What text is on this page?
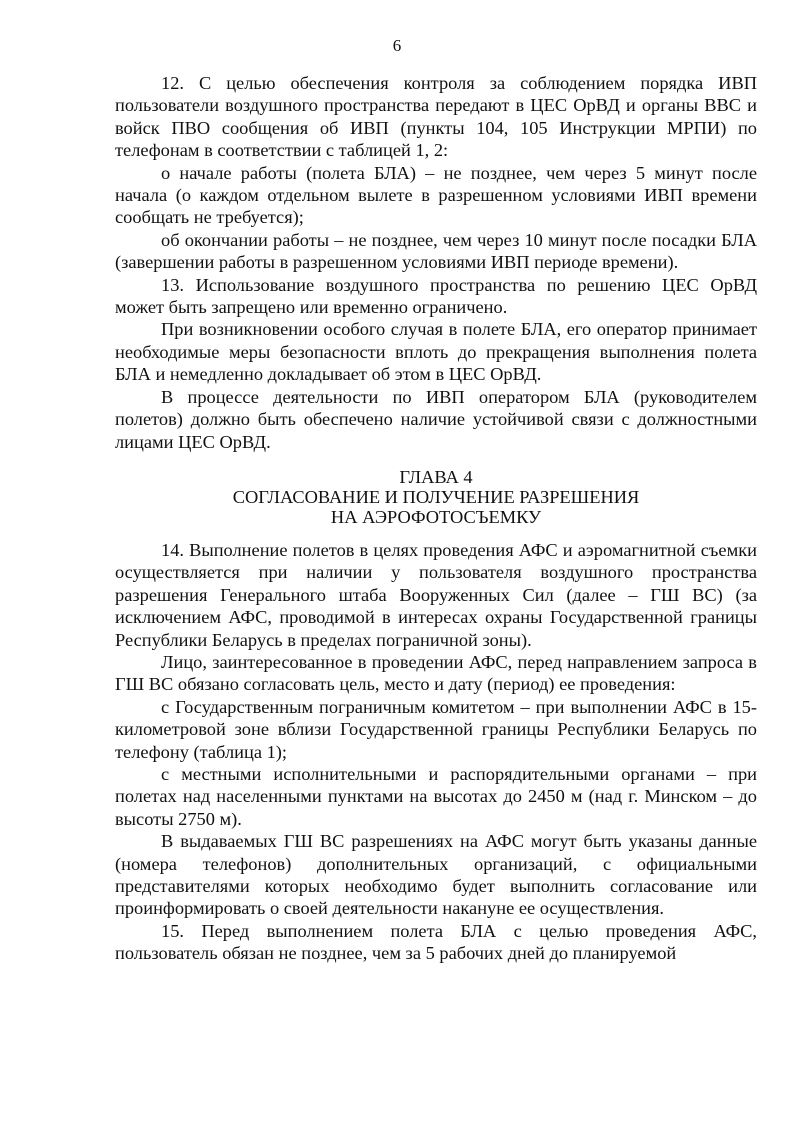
6

12. С целью обеспечения контроля за соблюдением порядка ИВП пользователи воздушного пространства передают в ЦЕС ОрВД и органы ВВС и войск ПВО сообщения об ИВП (пункты 104, 105 Инструкции МРПИ) по телефонам в соответствии с таблицей 1, 2:

о начале работы (полета БЛА) – не позднее, чем через 5 минут после начала (о каждом отдельном вылете в разрешенном условиями ИВП времени сообщать не требуется);

об окончании работы – не позднее, чем через 10 минут после посадки БЛА (завершении работы в разрешенном условиями ИВП периоде времени).

13. Использование воздушного пространства по решению ЦЕС ОрВД может быть запрещено или временно ограничено.

При возникновении особого случая в полете БЛА, его оператор принимает необходимые меры безопасности вплоть до прекращения выполнения полета БЛА и немедленно докладывает об этом в ЦЕС ОрВД.

В процессе деятельности по ИВП оператором БЛА (руководителем полетов) должно быть обеспечено наличие устойчивой связи с должностными лицами ЦЕС ОрВД.

ГЛАВА 4
СОГЛАСОВАНИЕ И ПОЛУЧЕНИЕ РАЗРЕШЕНИЯ
НА АЭРОФОТОСЪЕМКУ

14. Выполнение полетов в целях проведения АФС и аэромагнитной съемки осуществляется при наличии у пользователя воздушного пространства разрешения Генерального штаба Вооруженных Сил (далее – ГШ ВС) (за исключением АФС, проводимой в интересах охраны Государственной границы Республики Беларусь в пределах пограничной зоны).

Лицо, заинтересованное в проведении АФС, перед направлением запроса в ГШ ВС обязано согласовать цель, место и дату (период) ее проведения:

с Государственным пограничным комитетом – при выполнении АФС в 15-километровой зоне вблизи Государственной границы Республики Беларусь по телефону (таблица 1);

с местными исполнительными и распорядительными органами – при полетах над населенными пунктами на высотах до 2450 м (над г. Минском – до высоты 2750 м).

В выдаваемых ГШ ВС разрешениях на АФС могут быть указаны данные (номера телефонов) дополнительных организаций, с официальными представителями которых необходимо будет выполнить согласование или проинформировать о своей деятельности накануне ее осуществления.

15. Перед выполнением полета БЛА с целью проведения АФС, пользователь обязан не позднее, чем за 5 рабочих дней до планируемой
